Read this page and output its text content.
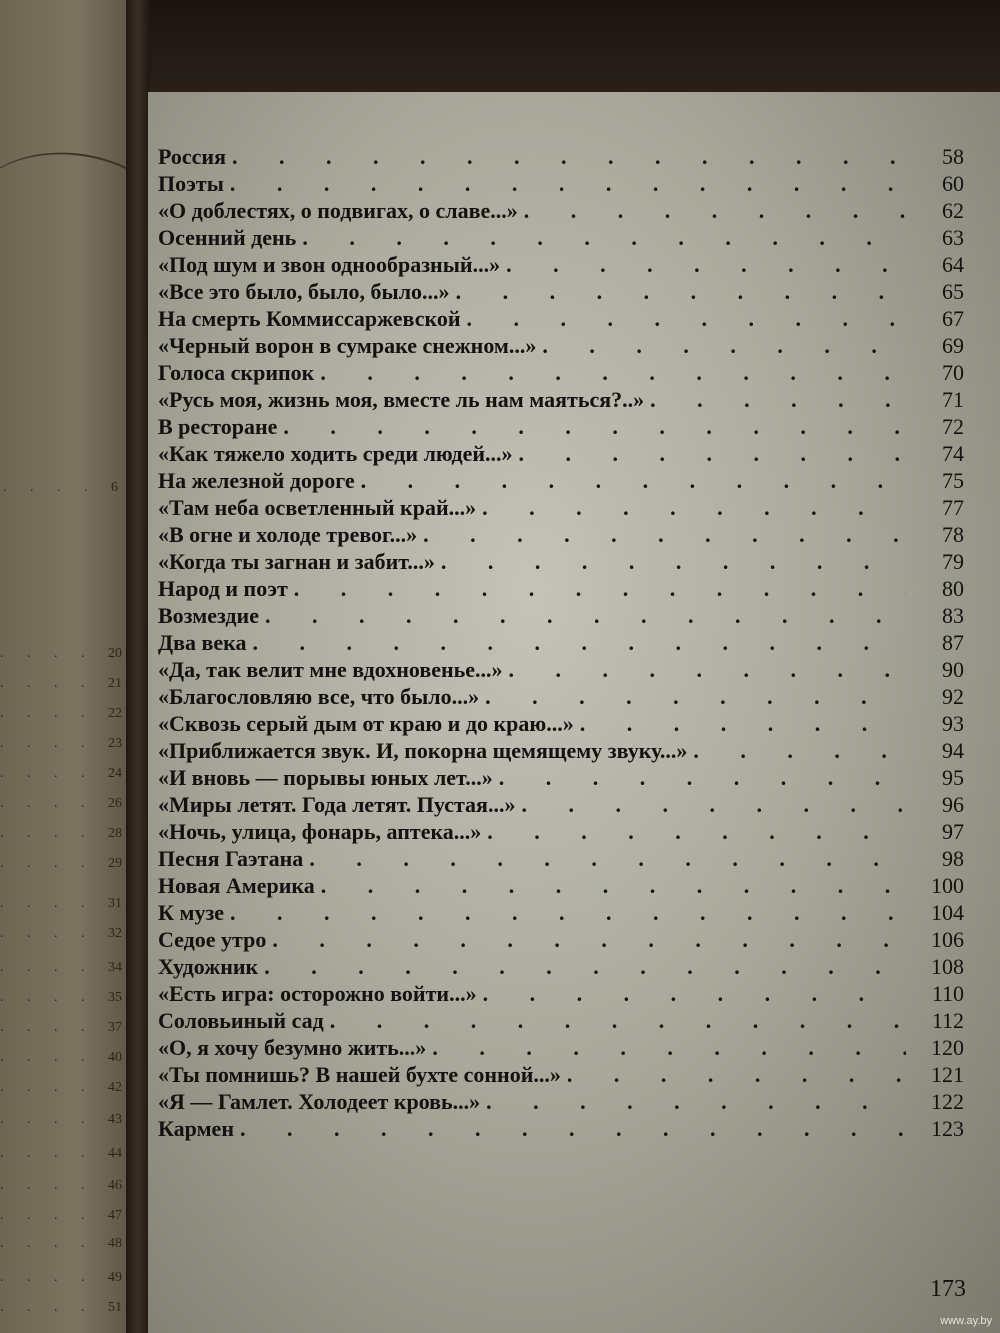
. . . . 6
. . . . 20
. . . . 21
. . . . 22
. . . . 23
. . . . 24
. . . . 26
. . . . 28
. . . . 29
. . . . 31
. . . . 32
. . . . 34
. . . . 35
. . . . 37
. . . . 40
. . . . 42
. . . . 43
. . . . 44
. . . . 46
. . . . 47
. . . . 48
. . . . 49
. . . . 51
Россия . . .	58
Поэты . . .	60
«О доблестях, о подвигах, о славе...» . . .	62
Осенний день . . .	63
«Под шум и звон однообразный...» . . .	64
«Все это было, было, было...» . . .	65
На смерть Коммиссаржевской . . .	67
«Черный ворон в сумраке снежном...» . . .	69
Голоса скрипок . . .	70
«Русь моя, жизнь моя, вместе ль нам маяться?..» . . .	71
В ресторане . . .	72
«Как тяжело ходить среди людей...» . . .	74
На железной дороге . . .	75
«Там неба осветленный край...» . . .	77
«В огне и холоде тревог...» . . .	78
«Когда ты загнан и забит...» . . .	79
Народ и поэт . . .	80
Возмездие . . .	83
Два века . . .	87
«Да, так велит мне вдохновенье...» . . .	90
«Благословляю все, что было...» . . .	92
«Сквозь серый дым от краю и до краю...» . . .	93
«Приближается звук. И, покорна щемящему звуку...» . . .	94
«И вновь — порывы юных лет...» . . .	95
«Миры летят. Года летят. Пустая...» . . .	96
«Ночь, улица, фонарь, аптека...» . . .	97
Песня Гаэтана . . .	98
Новая Америка . . .	100
К музе . . .	104
Седое утро . . .	106
Художник . . .	108
«Есть игра: осторожно войти...» . . .	110
Соловьиный сад . . .	112
«О, я хочу безумно жить...» . . .	120
«Ты помнишь? В нашей бухте сонной...» . . .	121
«Я — Гамлет. Холодеет кровь...» . . .	122
Кармен . . .	123
173
www.ay.by
